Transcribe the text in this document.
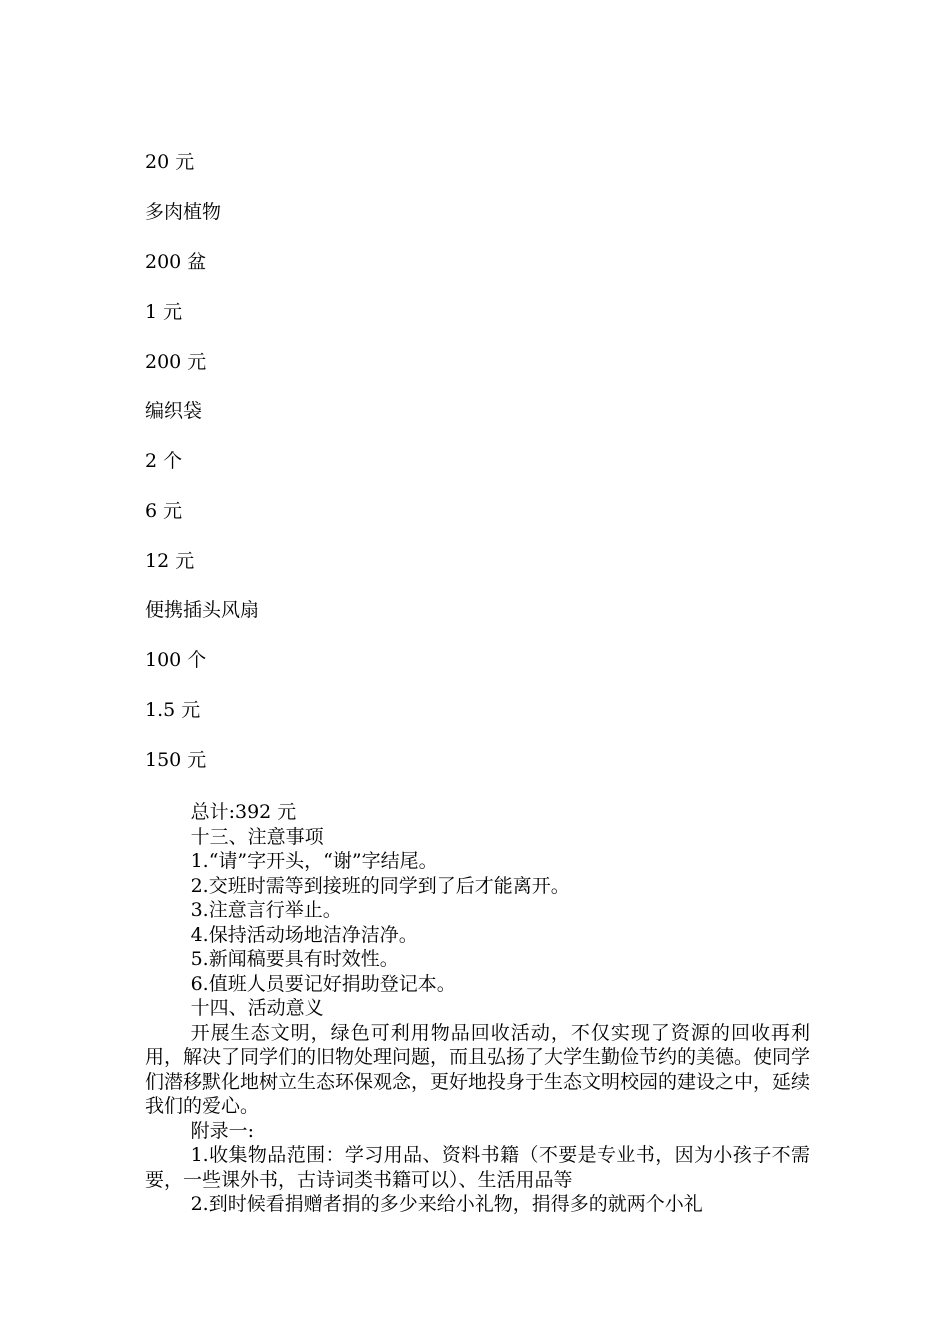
20 元
多肉植物
200 盆
1 元
200 元
编织袋
2 个
6 元
12 元
便携插头风扇
100 个
1.5 元
150 元

总计:392 元

十三、注意事项

1.“请”字开头，“谢”字结尾。

2.交班时需等到接班的同学到了后才能离开。

3.注意言行举止。

4.保持活动场地洁净洁净。

5.新闻稿要具有时效性。

6.值班人员要记好捐助登记本。

十四、活动意义

开展生态文明，绿色可利用物品回收活动，不仅实现了资源的回收再利用，解决了同学们的旧物处理问题，而且弘扬了大学生勤俭节约的美德。使同学们潜移默化地树立生态环保观念，更好地投身于生态文明校园的建设之中，延续我们的爱心。

附录一:

1.收集物品范围：学习用品、资料书籍（不要是专业书，因为小孩子不需要，一些课外书，古诗词类书籍可以）、生活用品等

2.到时候看捐赠者捐的多少来给小礼物，捐得多的就两个小礼
